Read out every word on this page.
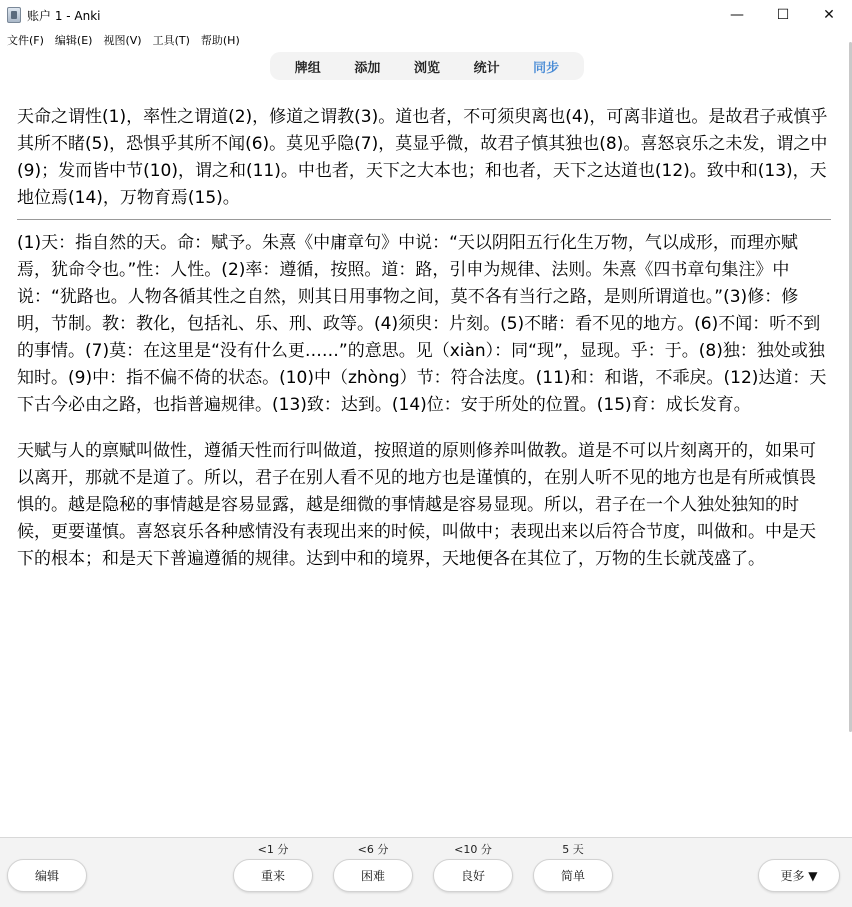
账户 1 - Anki	—	☐	✕
文件(F) 编辑(E) 视图(V) 工具(T) 帮助(H)
牌组	添加	浏览	统计	同步
天命之谓性(1)，率性之谓道(2)，修道之谓教(3)。道也者，不可须臾离也(4)，可离非道也。是故君子戒慎乎其所不睹(5)，恐惧乎其所不闻(6)。莫见乎隐(7)，莫显乎微，故君子慎其独也(8)。喜怒哀乐之未发，谓之中(9)；发而皆中节(10)，谓之和(11)。中也者，天下之大本也；和也者，天下之达道也(12)。致中和(13)，天地位焉(14)，万物育焉(15)。
(1)天：指自然的天。命：赋予。朱熹《中庸章句》中说：“天以阴阳五行化生万物，气以成形，而理亦赋焉，犹命令也。”性：人性。(2)率：遵循，按照。道：路，引申为规律、法则。朱熹《四书章句集注》中说：“犹路也。人物各循其性之自然，则其日用事物之间，莫不各有当行之路，是则所谓道也。”(3)修：修明，节制。教：教化，包括礼、乐、刑、政等。(4)须臾：片刻。(5)不睹：看不见的地方。(6)不闻：听不到的事情。(7)莫：在这里是“没有什么更……”的意思。见（xiàn）：同“现”，显现。乎：于。(8)独：独处或独知时。(9)中：指不偏不倚的状态。(10)中（zhòng）节：符合法度。(11)和：和谐，不乖戾。(12)达道：天下古今必由之路，也指普遍规律。(13)致：达到。(14)位：安于所处的位置。(15)育：成长发育。
天赋与人的禀赋叫做性，遵循天性而行叫做道，按照道的原则修养叫做教。道是不可以片刻离开的，如果可以离开，那就不是道了。所以，君子在别人看不见的地方也是谨慎的，在别人听不见的地方也是有所戒慎畏惧的。越是隐秘的事情越是容易显露，越是细微的事情越是容易显现。所以，君子在一个人独处独知的时候，更要谨慎。喜怒哀乐各种感情没有表现出来的时候，叫做中；表现出来以后符合节度，叫做和。中是天下的根本；和是天下普遍遵循的规律。达到中和的境界，天地便各在其位了，万物的生长就茂盛了。
编辑
<1 分
重来
<6 分
困难
<10 分
良好
5 天
简单	更多 ▼
